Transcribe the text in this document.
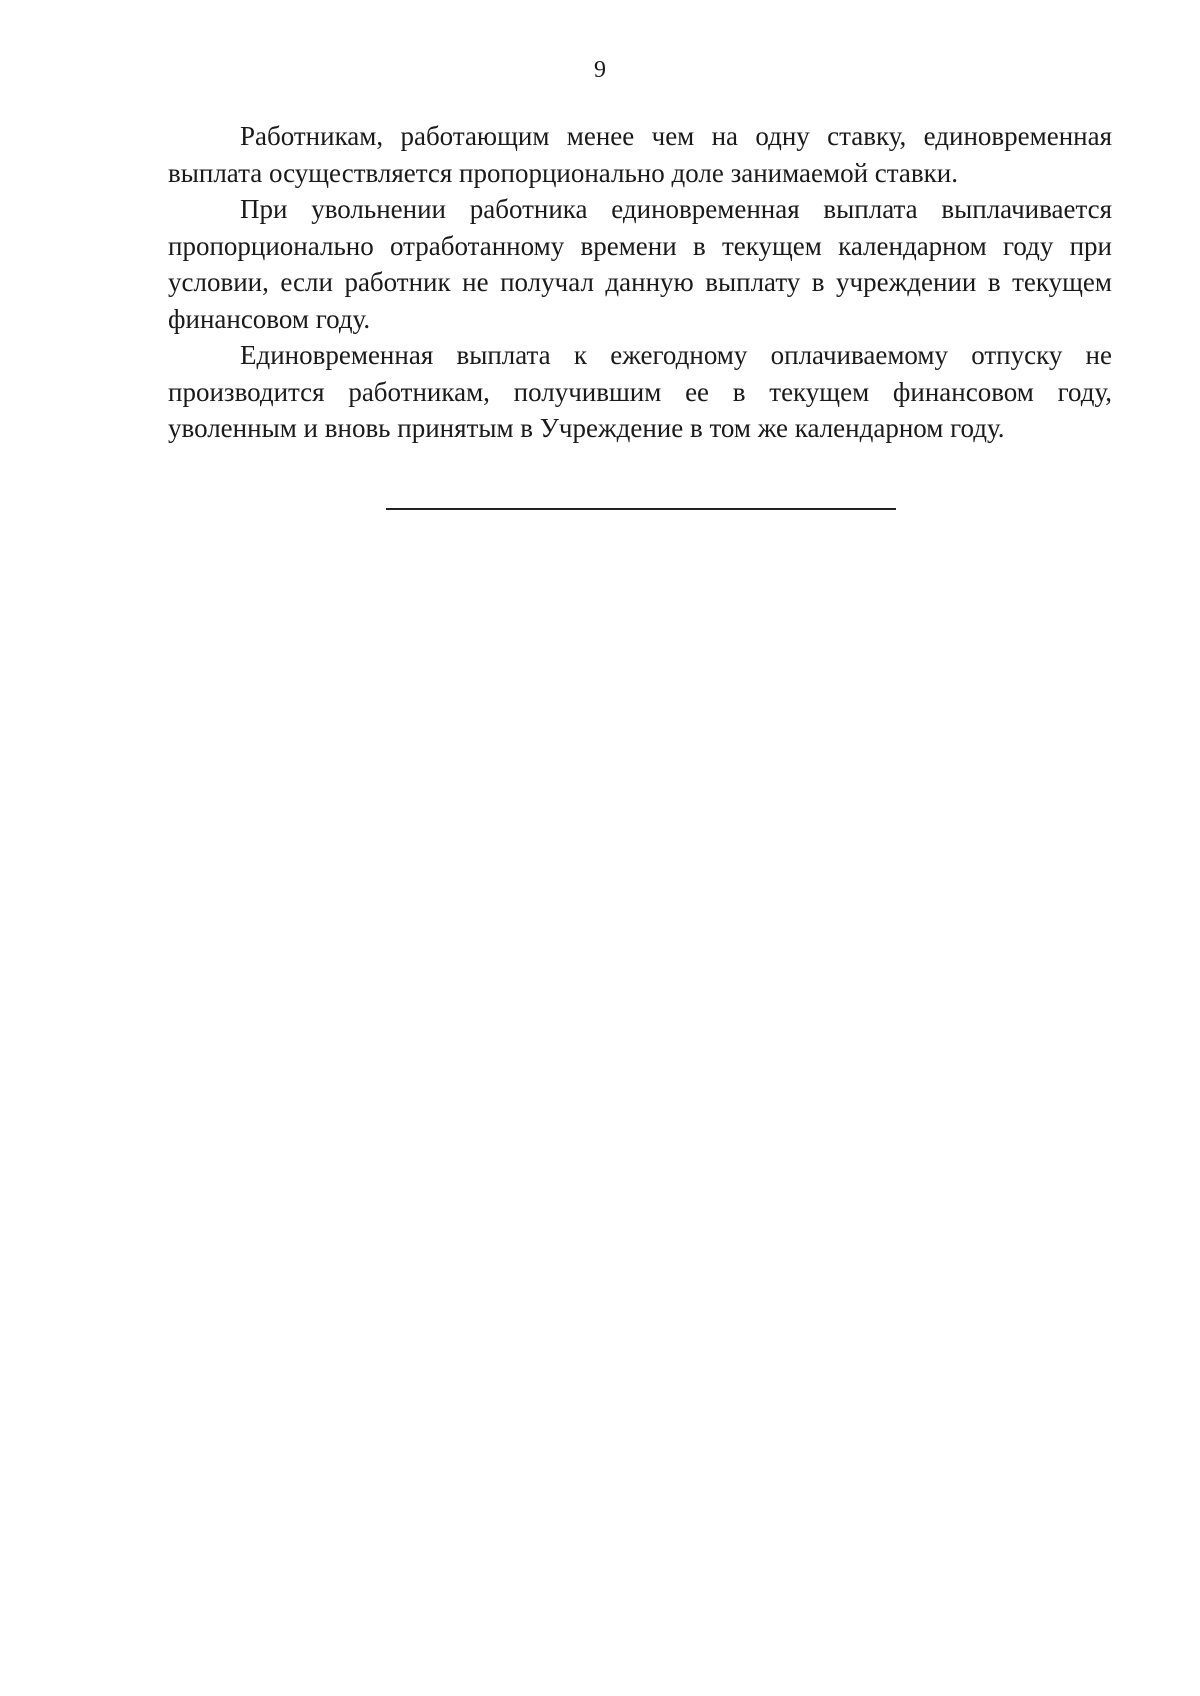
9

Работникам, работающим менее чем на одну ставку, единовременная выплата осуществляется пропорционально доле занимаемой ставки.

При увольнении работника единовременная выплата выплачивается пропорционально отработанному времени в текущем календарном году при условии, если работник не получал данную выплату в учреждении в текущем финансовом году.

Единовременная выплата к ежегодному оплачиваемому отпуску не производится работникам, получившим ее в текущем финансовом году, уволенным и вновь принятым в Учреждение в том же календарном году.
